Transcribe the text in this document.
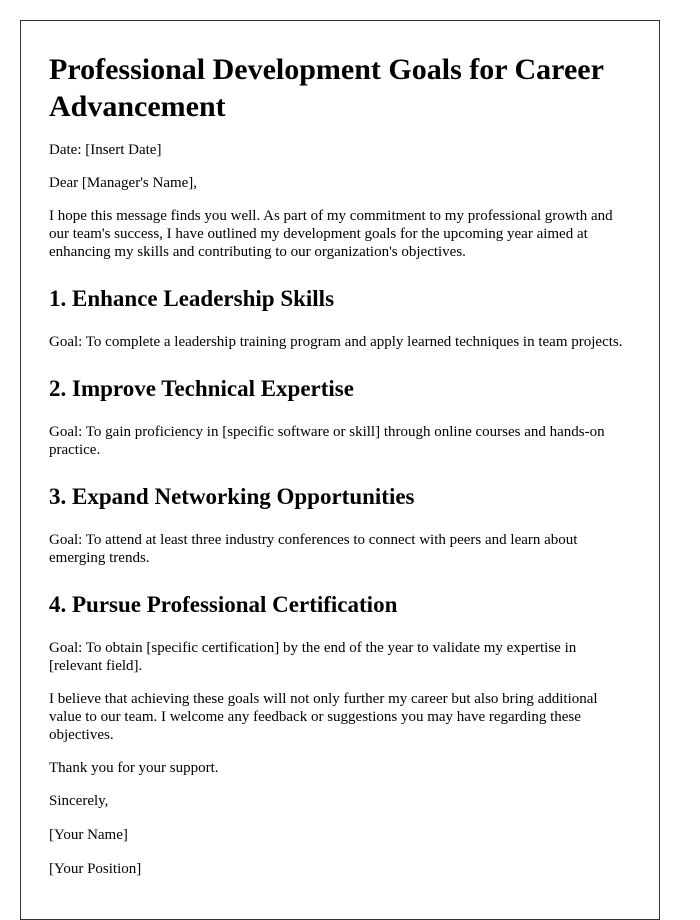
Professional Development Goals for Career Advancement

Date: [Insert Date]

Dear [Manager's Name],

I hope this message finds you well. As part of my commitment to my professional growth and our team's success, I have outlined my development goals for the upcoming year aimed at enhancing my skills and contributing to our organization's objectives.

1. Enhance Leadership Skills

Goal: To complete a leadership training program and apply learned techniques in team projects.

2. Improve Technical Expertise

Goal: To gain proficiency in [specific software or skill] through online courses and hands-on practice.

3. Expand Networking Opportunities

Goal: To attend at least three industry conferences to connect with peers and learn about emerging trends.

4. Pursue Professional Certification

Goal: To obtain [specific certification] by the end of the year to validate my expertise in [relevant field].

I believe that achieving these goals will not only further my career but also bring additional value to our team. I welcome any feedback or suggestions you may have regarding these objectives.

Thank you for your support.

Sincerely,

[Your Name]

[Your Position]
